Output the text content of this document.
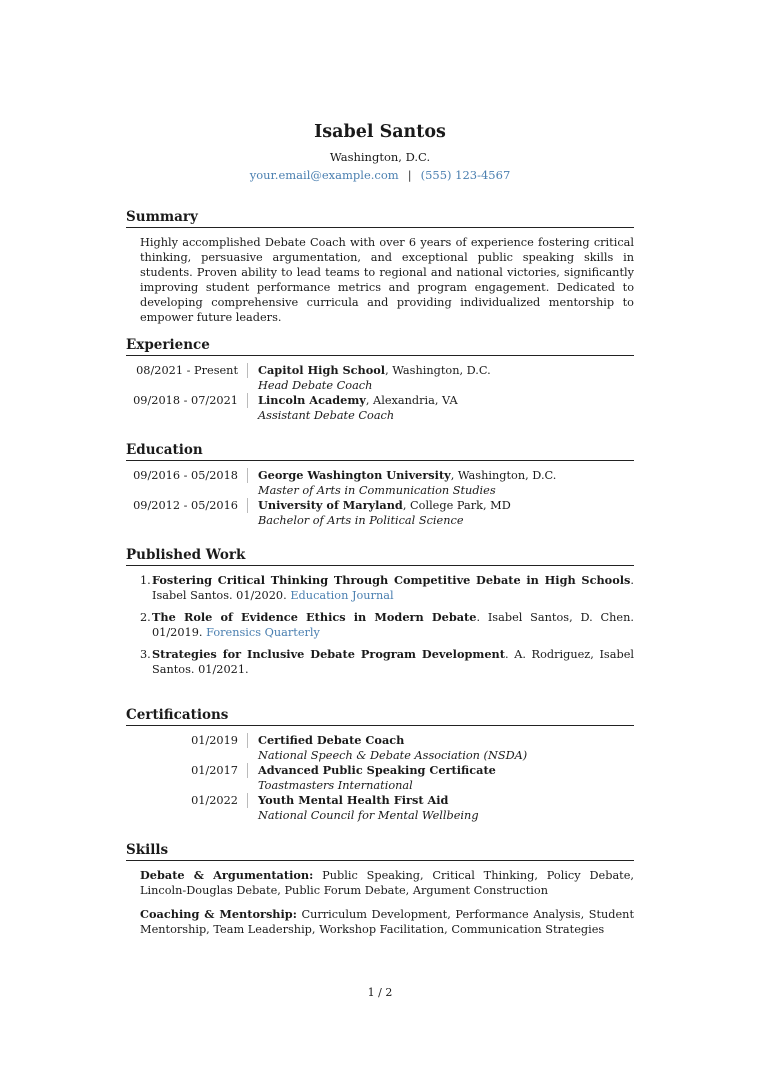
Isabel Santos
Washington, D.C.
your.email@example.com | (555) 123-4567
Summary
Highly accomplished Debate Coach with over 6 years of experience fostering critical thinking, persuasive argumentation, and exceptional public speaking skills in students. Proven ability to lead teams to regional and national victories, significantly improving student performance metrics and program engagement. Dedicated to developing comprehensive curricula and providing individualized mentorship to empower future leaders.
Experience
08/2021 - Present	Capitol High School, Washington, D.C.
Head Debate Coach
09/2018 - 07/2021	Lincoln Academy, Alexandria, VA
Assistant Debate Coach
Education
09/2016 - 05/2018	George Washington University, Washington, D.C.
Master of Arts in Communication Studies
09/2012 - 05/2016	University of Maryland, College Park, MD
Bachelor of Arts in Political Science
Published Work
1. Fostering Critical Thinking Through Competitive Debate in High Schools. Isabel Santos. 01/2020. Education Journal
2. The Role of Evidence Ethics in Modern Debate. Isabel Santos, D. Chen. 01/2019. Forensics Quarterly
3. Strategies for Inclusive Debate Program Development. A. Rodriguez, Isabel Santos. 01/2021.
Certifications
01/2019	Certified Debate Coach
National Speech & Debate Association (NSDA)
01/2017	Advanced Public Speaking Certificate
Toastmasters International
01/2022	Youth Mental Health First Aid
National Council for Mental Wellbeing
Skills
Debate & Argumentation: Public Speaking, Critical Thinking, Policy Debate, Lincoln-Douglas Debate, Public Forum Debate, Argument Construction
Coaching & Mentorship: Curriculum Development, Performance Analysis, Student Mentorship, Team Leadership, Workshop Facilitation, Communication Strategies
1 / 2
